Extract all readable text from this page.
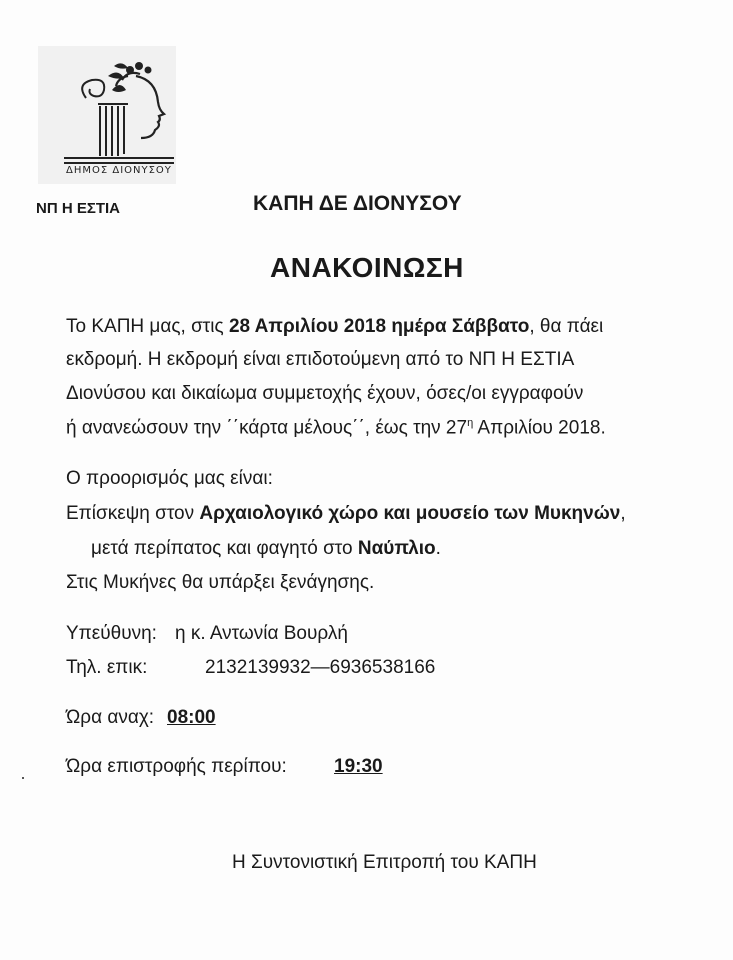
ΔΗΜΟΣ ΔΙΟΝΥΣΟΥ
ΝΠ Η ΕΣΤΙΑ	ΚΑΠΗ ΔΕ ΔΙΟΝΥΣΟΥ
ΑΝΑΚΟΙΝΩΣΗ
Το ΚΑΠΗ μας, στις 28 Απριλίου 2018 ημέρα Σάββατο, θα πάει
εκδρομή. Η εκδρομή είναι επιδοτούμενη από το ΝΠ Η ΕΣΤΙΑ
Διονύσου και δικαίωμα συμμετοχής έχουν, όσες/οι εγγραφούν
ή ανανεώσουν την ΄΄κάρτα μέλους΄΄, έως την $27^\eta$ Απριλίου 2018.
Ο προορισμός μας είναι:
Επίσκεψη στον Αρχαιολογικό χώρο και μουσείο των Μυκηνών,
μετά περίπατος και φαγητό στο Ναύπλιο.
Στις Μυκήνες θα υπάρξει ξενάγησης.
Υπεύθυνη: η κ. Αντωνία Βουρλή
Τηλ. επικ:	2132139932—6936538166
Ώρα αναχ: 08:00
Ώρα επιστροφής περίπου: 19:30
Η Συντονιστική Επιτροπή του ΚΑΠΗ
